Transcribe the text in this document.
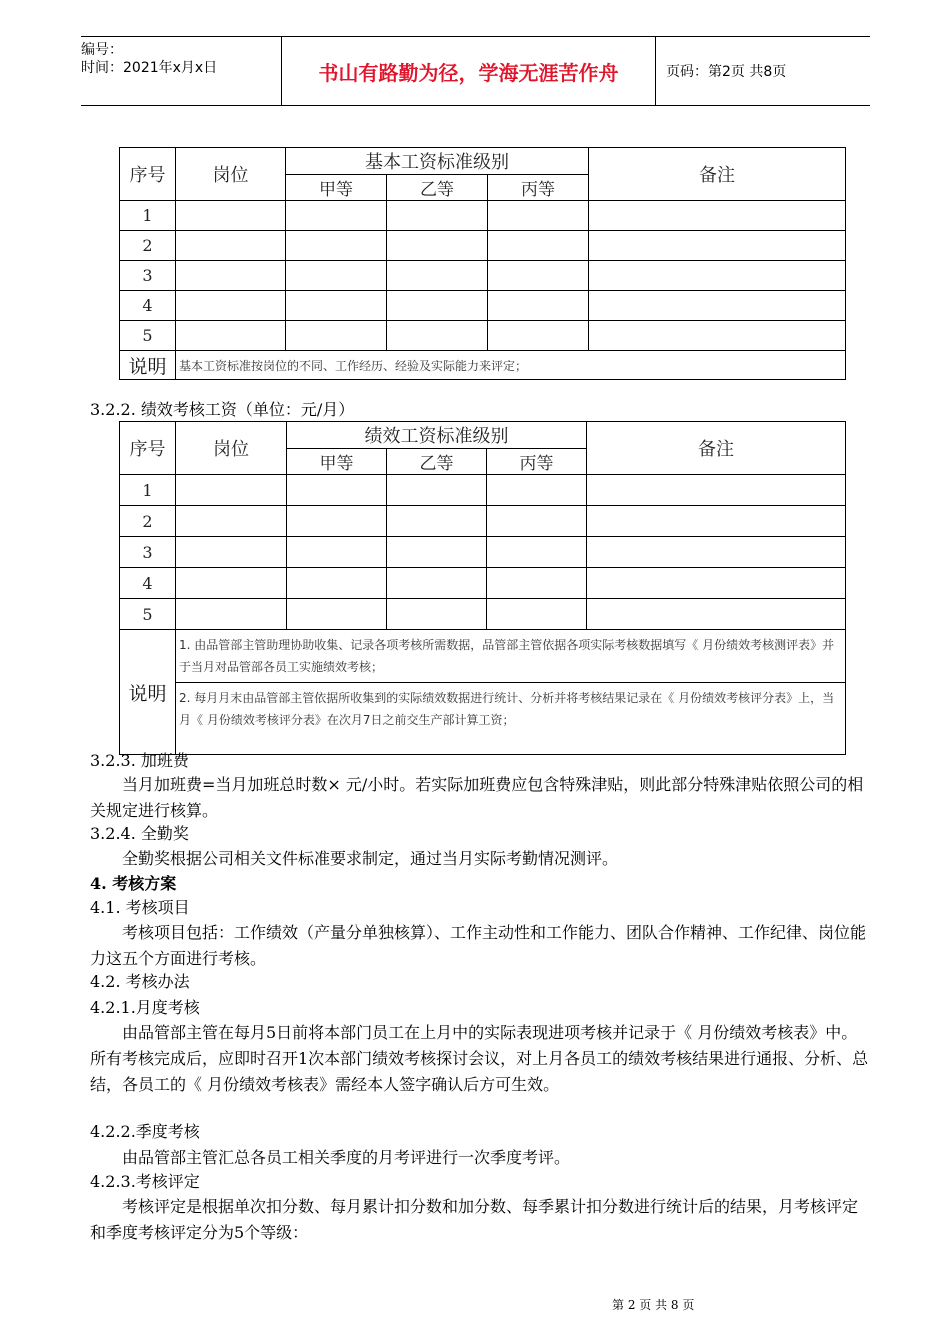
编号：
时间：2021年x月x日	书山有路勤为径，学海无涯苦作舟	页码：第2页 共8页
序号	岗位	基本工资标准级别			备注
		甲等	乙等	丙等	
1					
2					
3					
4					
5					
说明	基本工资标准按岗位的不同、工作经历、经验及实际能力来评定；				
3.2.2. 绩效考核工资（单位：元/月）
序号	岗位	绩效工资标准级别			备注
		甲等	乙等	丙等	
1					
2					
3					
4					
5					
说明	1. 由品管部主管助理协助收集、记录各项考核所需数据，品管部主管依据各项实际考核数据填写《 月份绩效考核测评表》并于当月对品管部各员工实施绩效考核；				
	2. 每月月末由品管部主管依据所收集到的实际绩效数据进行统计、分析并将考核结果记录在《 月份绩效考核评分表》上，当月《 月份绩效考核评分表》在次月7日之前交生产部计算工资；				
3.2.3. 加班费
当月加班费=当月加班总时数× 元/小时。若实际加班费应包含特殊津贴，则此部分特殊津贴依照公司的相关规定进行核算。
3.2.4. 全勤奖
全勤奖根据公司相关文件标准要求制定，通过当月实际考勤情况测评。
4. 考核方案
4.1. 考核项目
考核项目包括：工作绩效（产量分单独核算）、工作主动性和工作能力、团队合作精神、工作纪律、岗位能力这五个方面进行考核。
4.2. 考核办法
4.2.1.月度考核
由品管部主管在每月5日前将本部门员工在上月中的实际表现进项考核并记录于《 月份绩效考核表》中。所有考核完成后，应即时召开1次本部门绩效考核探讨会议，对上月各员工的绩效考核结果进行通报、分析、总结，各员工的《 月份绩效考核表》需经本人签字确认后方可生效。
4.2.2.季度考核
由品管部主管汇总各员工相关季度的月考评进行一次季度考评。
4.2.3.考核评定
考核评定是根据单次扣分数、每月累计扣分数和加分数、每季累计扣分数进行统计后的结果，月考核评定和季度考核评定分为5个等级：
第 2 页 共 8 页
